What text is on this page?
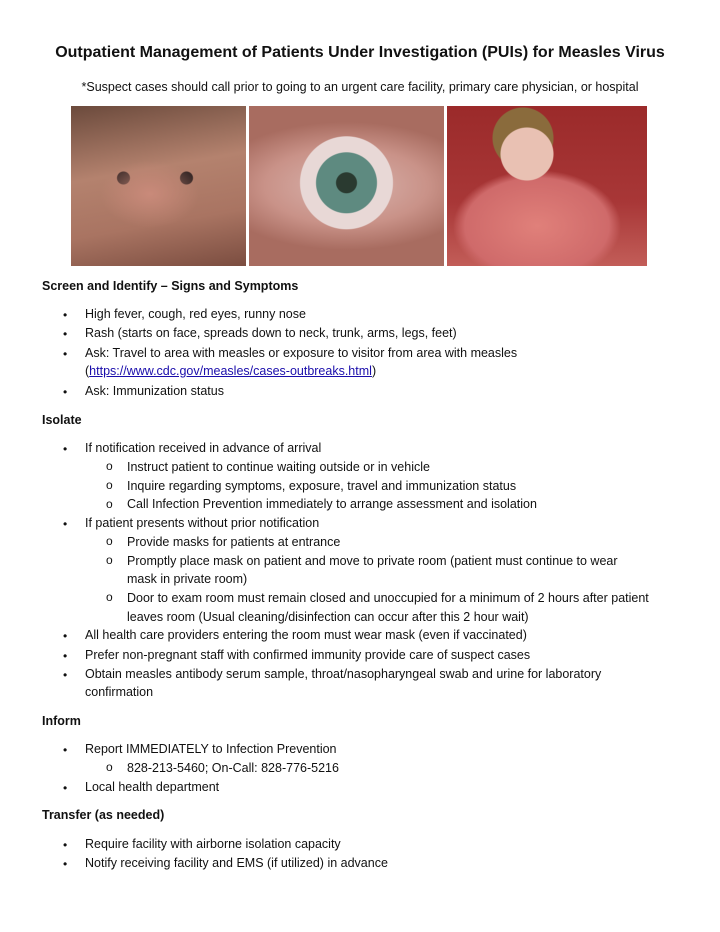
Outpatient Management of Patients Under Investigation (PUIs) for Measles Virus

*Suspect cases should call prior to going to an urgent care facility, primary care physician, or hospital

Screen and Identify – Signs and Symptoms

• High fever, cough, red eyes, runny nose
• Rash (starts on face, spreads down to neck, trunk, arms, legs, feet)
• Ask: Travel to area with measles or exposure to visitor from area with measles
(https://www.cdc.gov/measles/cases-outbreaks.html)
• Ask: Immunization status

Isolate

• If notification received in advance of arrival
o Instruct patient to continue waiting outside or in vehicle
o Inquire regarding symptoms, exposure, travel and immunization status
o Call Infection Prevention immediately to arrange assessment and isolation
• If patient presents without prior notification
o Provide masks for patients at entrance
o Promptly place mask on patient and move to private room (patient must continue to wear
mask in private room)
o Door to exam room must remain closed and unoccupied for a minimum of 2 hours after patient
leaves room (Usual cleaning/disinfection can occur after this 2 hour wait)
• All health care providers entering the room must wear mask (even if vaccinated)
• Prefer non-pregnant staff with confirmed immunity provide care of suspect cases
• Obtain measles antibody serum sample, throat/nasopharyngeal swab and urine for laboratory
confirmation

Inform

• Report IMMEDIATELY to Infection Prevention
o 828-213-5460; On-Call: 828-776-5216
• Local health department

Transfer (as needed)

• Require facility with airborne isolation capacity
• Notify receiving facility and EMS (if utilized) in advance
